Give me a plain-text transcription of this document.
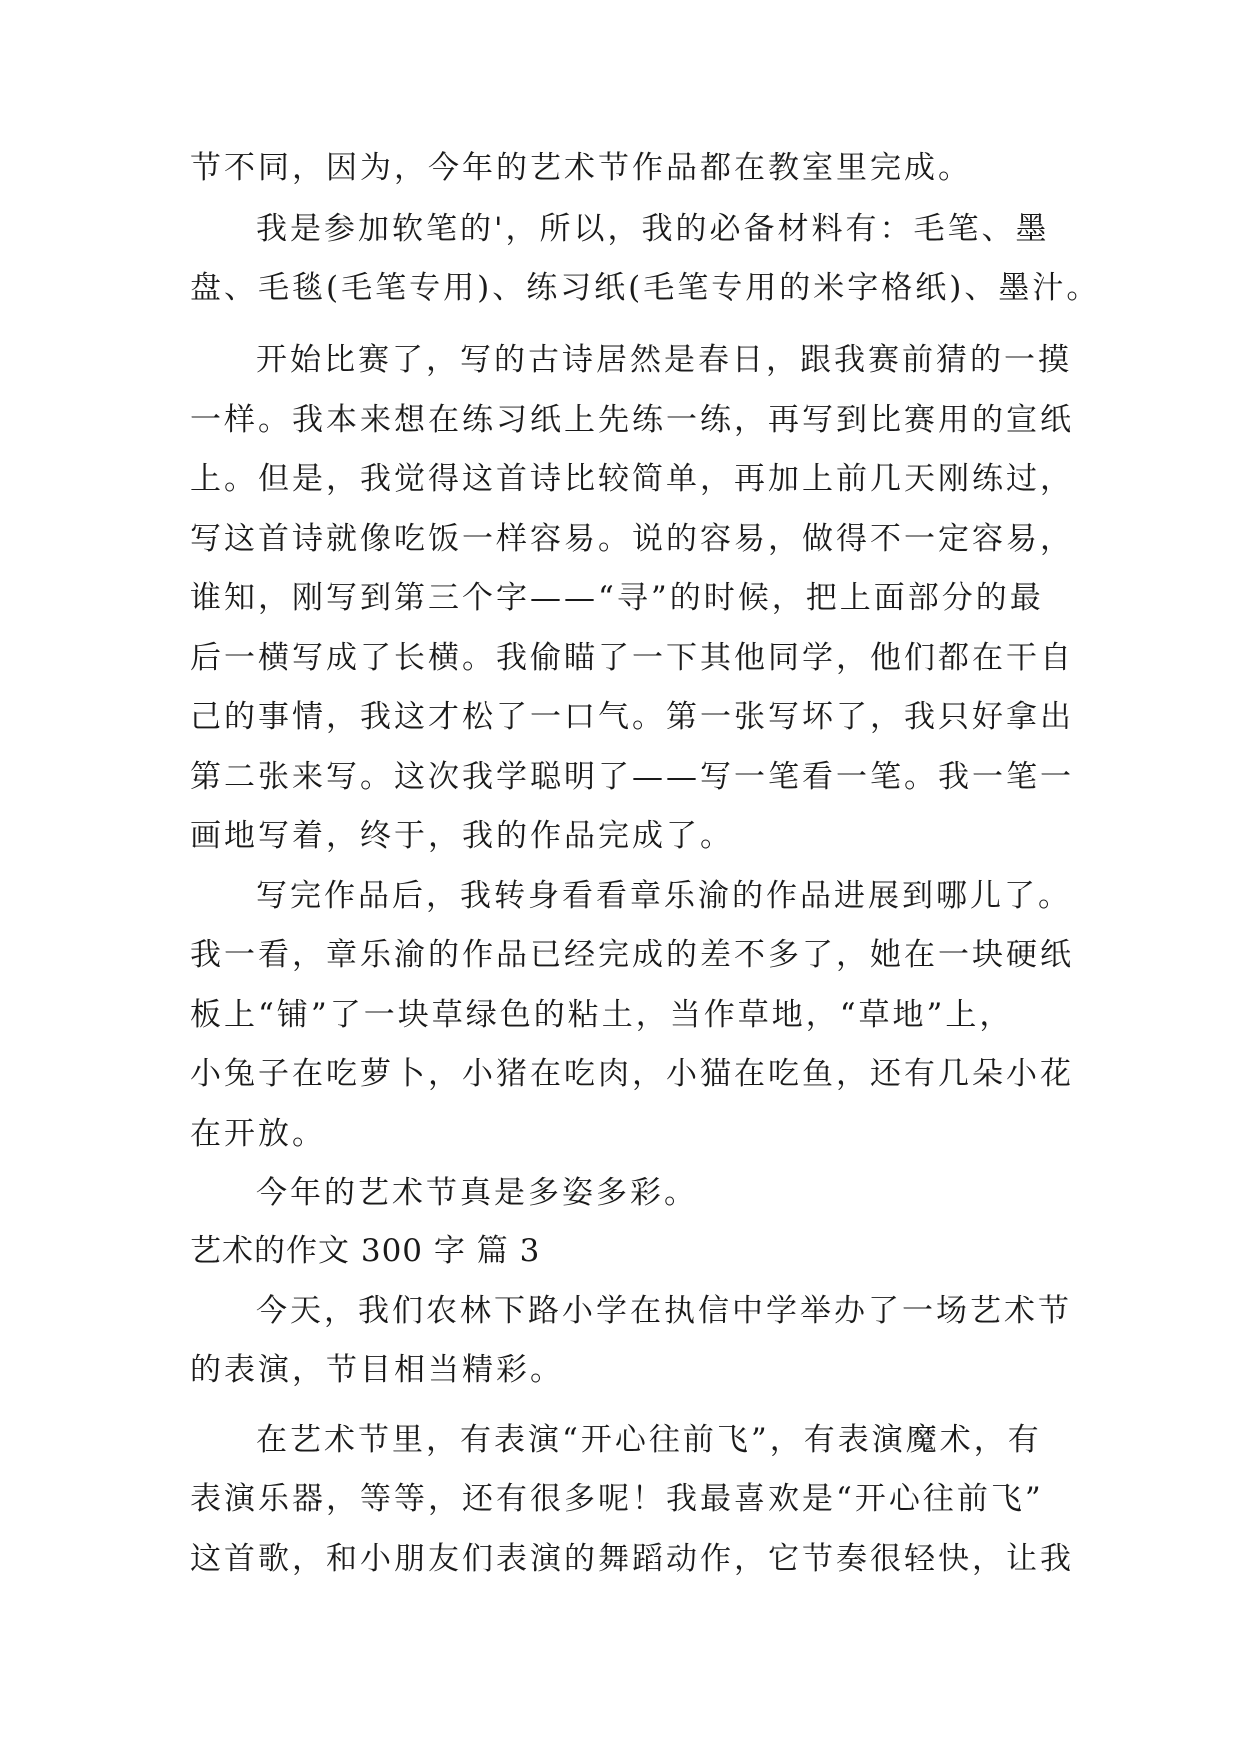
节不同，因为，今年的艺术节作品都在教室里完成。
我是参加软笔的'，所以，我的必备材料有：毛笔、墨
盘、毛毯(毛笔专用)、练习纸(毛笔专用的米字格纸)、墨汁。
开始比赛了，写的古诗居然是春日，跟我赛前猜的一摸
一样。我本来想在练习纸上先练一练，再写到比赛用的宣纸
上。但是，我觉得这首诗比较简单，再加上前几天刚练过，
写这首诗就像吃饭一样容易。说的容易，做得不一定容易，
谁知，刚写到第三个字——“寻”的时候，把上面部分的最
后一横写成了长横。我偷瞄了一下其他同学，他们都在干自
己的事情，我这才松了一口气。第一张写坏了，我只好拿出
第二张来写。这次我学聪明了——写一笔看一笔。我一笔一
画地写着，终于，我的作品完成了。
写完作品后，我转身看看章乐渝的作品进展到哪儿了。
我一看，章乐渝的作品已经完成的差不多了，她在一块硬纸
板上“铺”了一块草绿色的粘土，当作草地，“草地”上，
小兔子在吃萝卜，小猪在吃肉，小猫在吃鱼，还有几朵小花
在开放。
今年的艺术节真是多姿多彩。
艺术的作文 300 字 篇 3
今天，我们农林下路小学在执信中学举办了一场艺术节
的表演，节目相当精彩。
在艺术节里，有表演“开心往前飞”，有表演魔术，有
表演乐器，等等，还有很多呢！我最喜欢是“开心往前飞”
这首歌，和小朋友们表演的舞蹈动作，它节奏很轻快，让我
